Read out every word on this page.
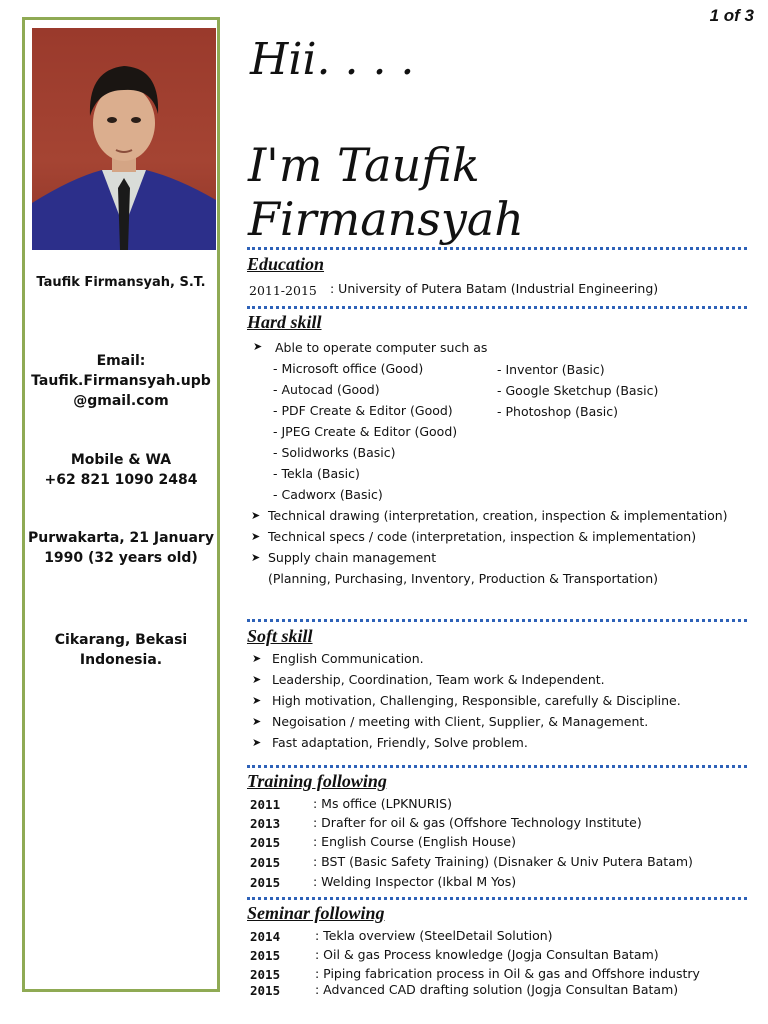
1 of 3
Taufik Firmansyah, S.T.
Email:
Taufik.Firmansyah.upb
@gmail.com
Mobile & WA
+62 821 1090 2484
Purwakarta, 21 January
1990 (32 years old)
Cikarang, Bekasi
Indonesia.
Hii. . . .
I'm Taufik Firmansyah
Education
2011-2015 : University of Putera Batam (Industrial Engineering)
Hard skill
➤ Able to operate computer such as
- Microsoft office (Good)
- Autocad (Good)
- PDF Create & Editor (Good)
- JPEG Create & Editor (Good)
- Solidworks (Basic)
- Tekla (Basic)
- Cadworx (Basic)
- Inventor (Basic)
- Google Sketchup (Basic)
- Photoshop (Basic)
➤ Technical drawing (interpretation, creation, inspection & implementation)
➤ Technical specs / code (interpretation, inspection & implementation)
➤ Supply chain management
(Planning, Purchasing, Inventory, Production & Transportation)
Soft skill
➤ English Communication.
➤ Leadership, Coordination, Team work & Independent.
➤ High motivation, Challenging, Responsible, carefully & Discipline.
➤ Negoisation / meeting with Client, Supplier, & Management.
➤ Fast adaptation, Friendly, Solve problem.
Training following
2011	: Ms office (LPKNURIS)
2013	: Drafter for oil & gas (Offshore Technology Institute)
2015	: English Course (English House)
2015	: BST (Basic Safety Training) (Disnaker & Univ Putera Batam)
2015	: Welding Inspector (Ikbal M Yos)
Seminar following
2014	: Tekla overview (SteelDetail Solution)
2015	: Oil & gas Process knowledge (Jogja Consultan Batam)
2015	: Piping fabrication process in Oil & gas and Offshore industry
2015	: Advanced CAD drafting solution (Jogja Consultan Batam)
